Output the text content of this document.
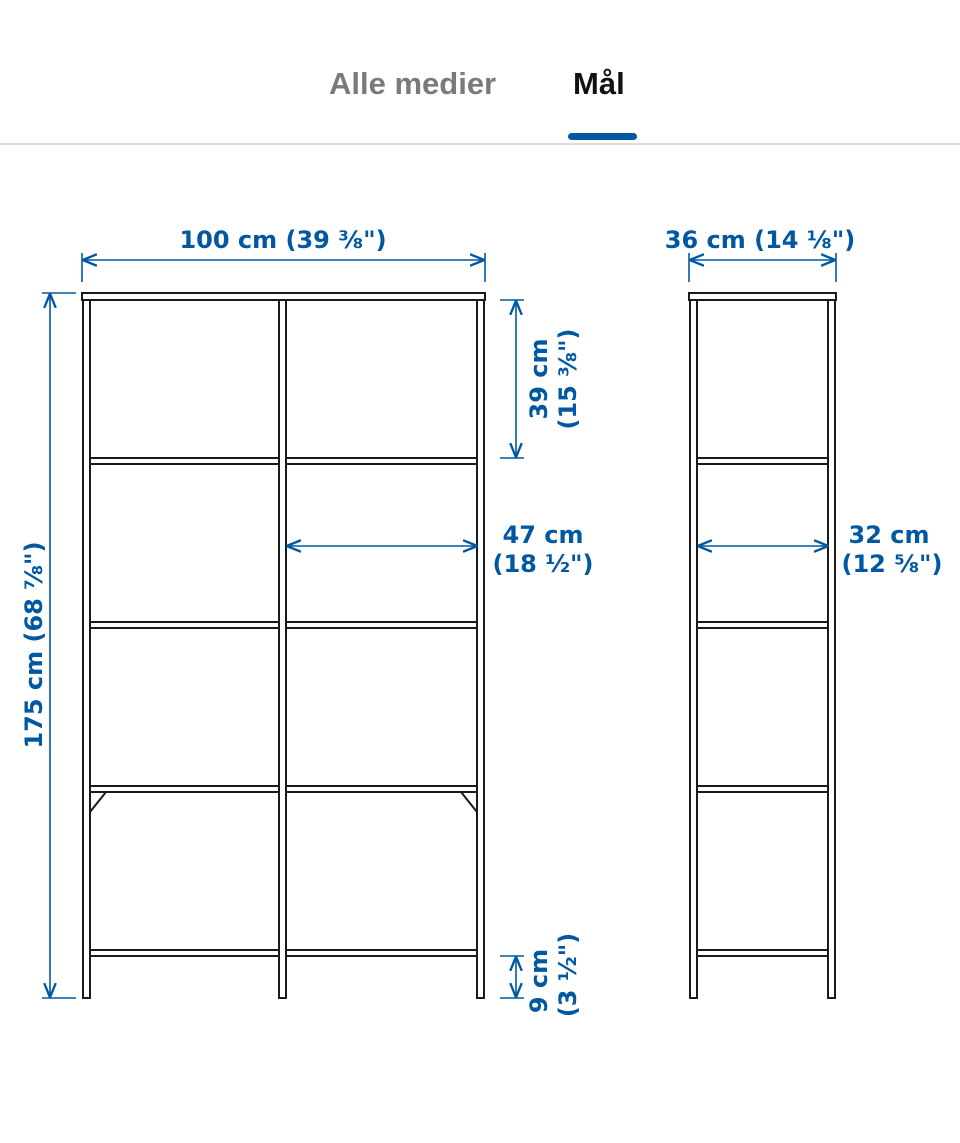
Alle medier Mål
100 cm (39 ⅜")
175 cm (68 ⅞")
39 cm (15 ⅜")
47 cm
(18 ½")
9 cm (3 ½")
36 cm (14 ⅛")
32 cm
(12 ⅝")
